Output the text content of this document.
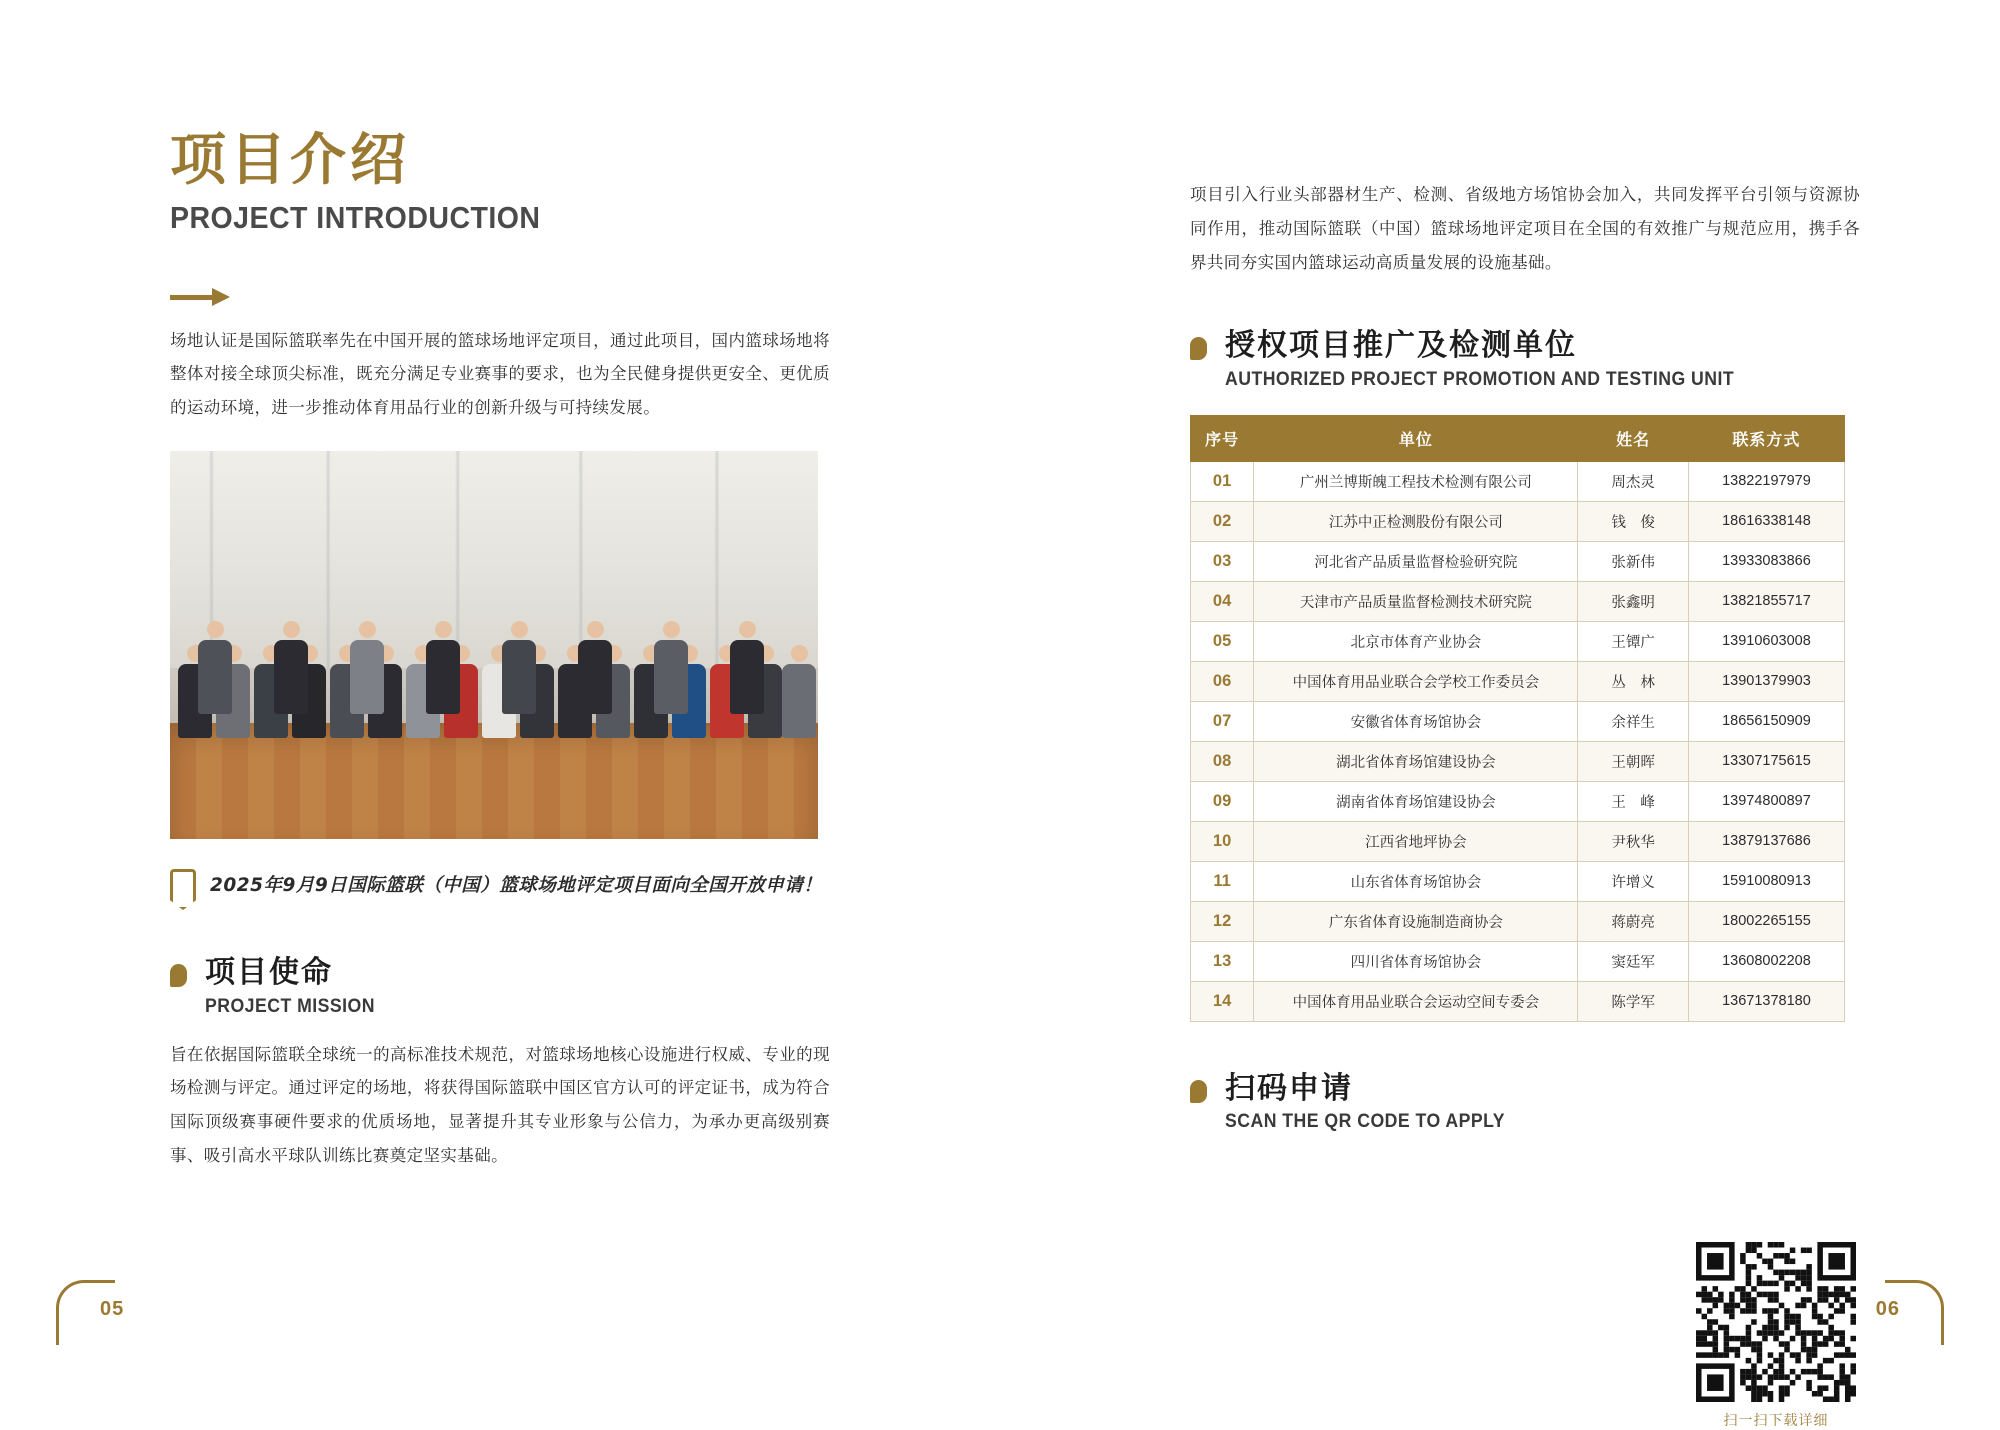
项目介绍
PROJECT INTRODUCTION

场地认证是国际篮联率先在中国开展的篮球场地评定项目，通过此项目，国内篮球场地将整体对接全球顶尖标准，既充分满足专业赛事的要求，也为全民健身提供更安全、更优质的运动环境，进一步推动体育用品行业的创新升级与可持续发展。

2025年9月9日国际篮联（中国）篮球场地评定项目面向全国开放申请！
项目使命
PROJECT MISSION

旨在依据国际篮联全球统一的高标准技术规范，对篮球场地核心设施进行权威、专业的现场检测与评定。通过评定的场地，将获得国际篮联中国区官方认可的评定证书，成为符合国际顶级赛事硬件要求的优质场地，显著提升其专业形象与公信力，为承办更高级别赛事、吸引高水平球队训练比赛奠定坚实基础。

项目引入行业头部器材生产、检测、省级地方场馆协会加入，共同发挥平台引领与资源协同作用，推动国际篮联（中国）篮球场地评定项目在全国的有效推广与规范应用，携手各界共同夯实国内篮球运动高质量发展的设施基础。

授权项目推广及检测单位
AUTHORIZED PROJECT PROMOTION AND TESTING UNIT
序号	单位	姓名	联系方式
01	广州兰博斯魄工程技术检测有限公司	周杰灵	13822197979
02	江苏中正检测股份有限公司	钱　俊	18616338148
03	河北省产品质量监督检验研究院	张新伟	13933083866
04	天津市产品质量监督检测技术研究院	张鑫明	13821855717
05	北京市体育产业协会	王镡广	13910603008
06	中国体育用品业联合会学校工作委员会	丛　林	13901379903
07	安徽省体育场馆协会	余祥生	18656150909
08	湖北省体育场馆建设协会	王朝晖	13307175615
09	湖南省体育场馆建设协会	王　峰	13974800897
10	江西省地坪协会	尹秋华	13879137686
11	山东省体育场馆协会	许增义	15910080913
12	广东省体育设施制造商协会	蒋蔚亮	18002265155
13	四川省体育场馆协会	窦廷军	13608002208
14	中国体育用品业联合会运动空间专委会	陈学军	13671378180
扫码申请
SCAN THE QR CODE TO APPLY
扫一扫下载详细
05	06
